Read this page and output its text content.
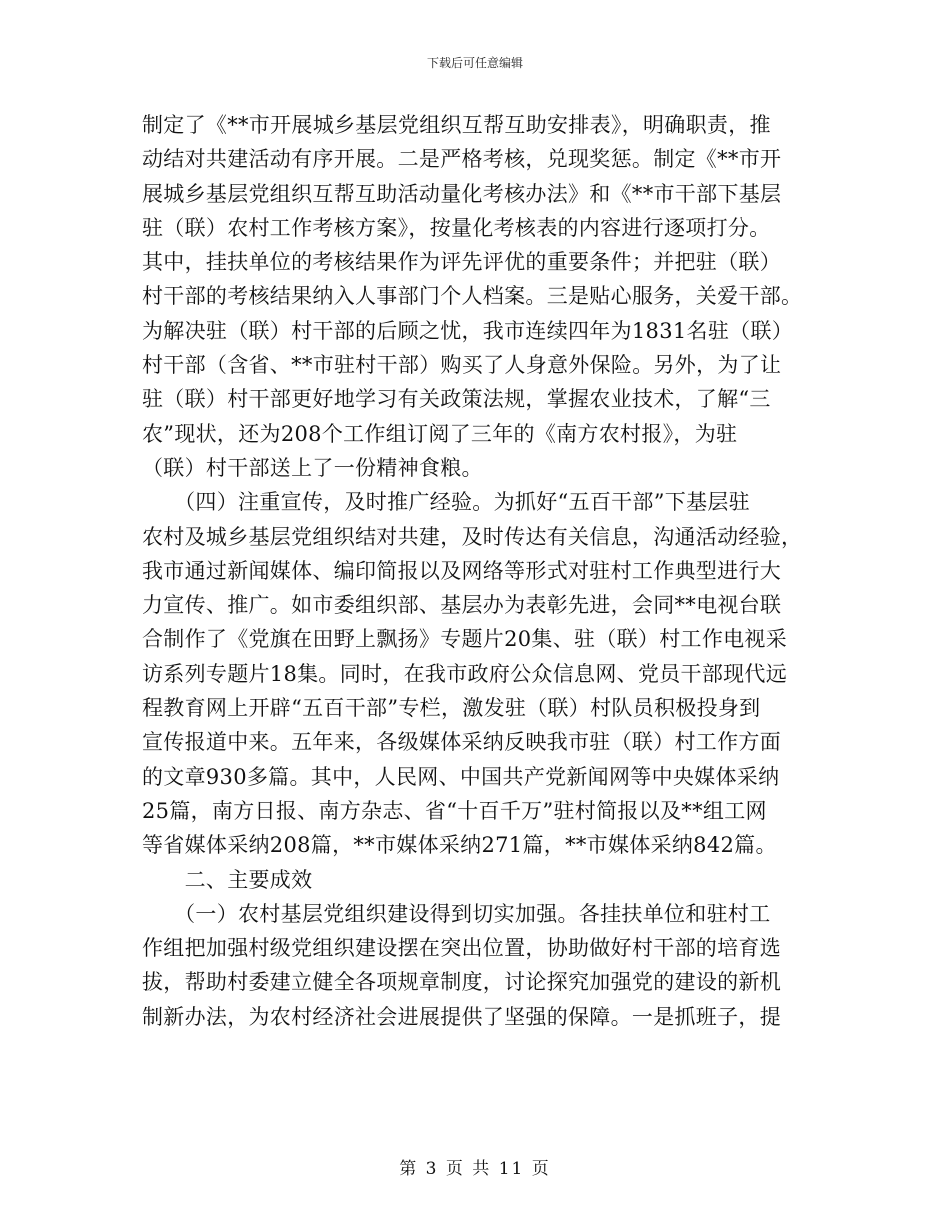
下载后可任意编辑
制定了《**市开展城乡基层党组织互帮互助安排表》，明确职责，推
动结对共建活动有序开展。二是严格考核，兑现奖惩。制定《**市开
展城乡基层党组织互帮互助活动量化考核办法》和《**市干部下基层
驻（联）农村工作考核方案》，按量化考核表的内容进行逐项打分。
其中，挂扶单位的考核结果作为评先评优的重要条件；并把驻（联）
村干部的考核结果纳入人事部门个人档案。三是贴心服务，关爱干部。
为解决驻（联）村干部的后顾之忧，我市连续四年为1831名驻（联）
村干部（含省、**市驻村干部）购买了人身意外保险。另外，为了让
驻（联）村干部更好地学习有关政策法规，掌握农业技术，了解“三
农”现状，还为208个工作组订阅了三年的《南方农村报》，为驻
（联）村干部送上了一份精神食粮。
　　（四）注重宣传，及时推广经验。为抓好“五百干部”下基层驻
农村及城乡基层党组织结对共建，及时传达有关信息，沟通活动经验，
我市通过新闻媒体、编印简报以及网络等形式对驻村工作典型进行大
力宣传、推广。如市委组织部、基层办为表彰先进，会同**电视台联
合制作了《党旗在田野上飘扬》专题片20集、驻（联）村工作电视采
访系列专题片18集。同时，在我市政府公众信息网、党员干部现代远
程教育网上开辟“五百干部”专栏，激发驻（联）村队员积极投身到
宣传报道中来。五年来，各级媒体采纳反映我市驻（联）村工作方面
的文章930多篇。其中，人民网、中国共产党新闻网等中央媒体采纳
25篇，南方日报、南方杂志、省“十百千万”驻村简报以及**组工网
等省媒体采纳208篇，**市媒体采纳271篇，**市媒体采纳842篇。
　　二、主要成效
　　（一）农村基层党组织建设得到切实加强。各挂扶单位和驻村工
作组把加强村级党组织建设摆在突出位置，协助做好村干部的培育选
拔，帮助村委建立健全各项规章制度，讨论探究加强党的建设的新机
制新办法，为农村经济社会进展提供了坚强的保障。一是抓班子，提
第 3 页 共 11 页
